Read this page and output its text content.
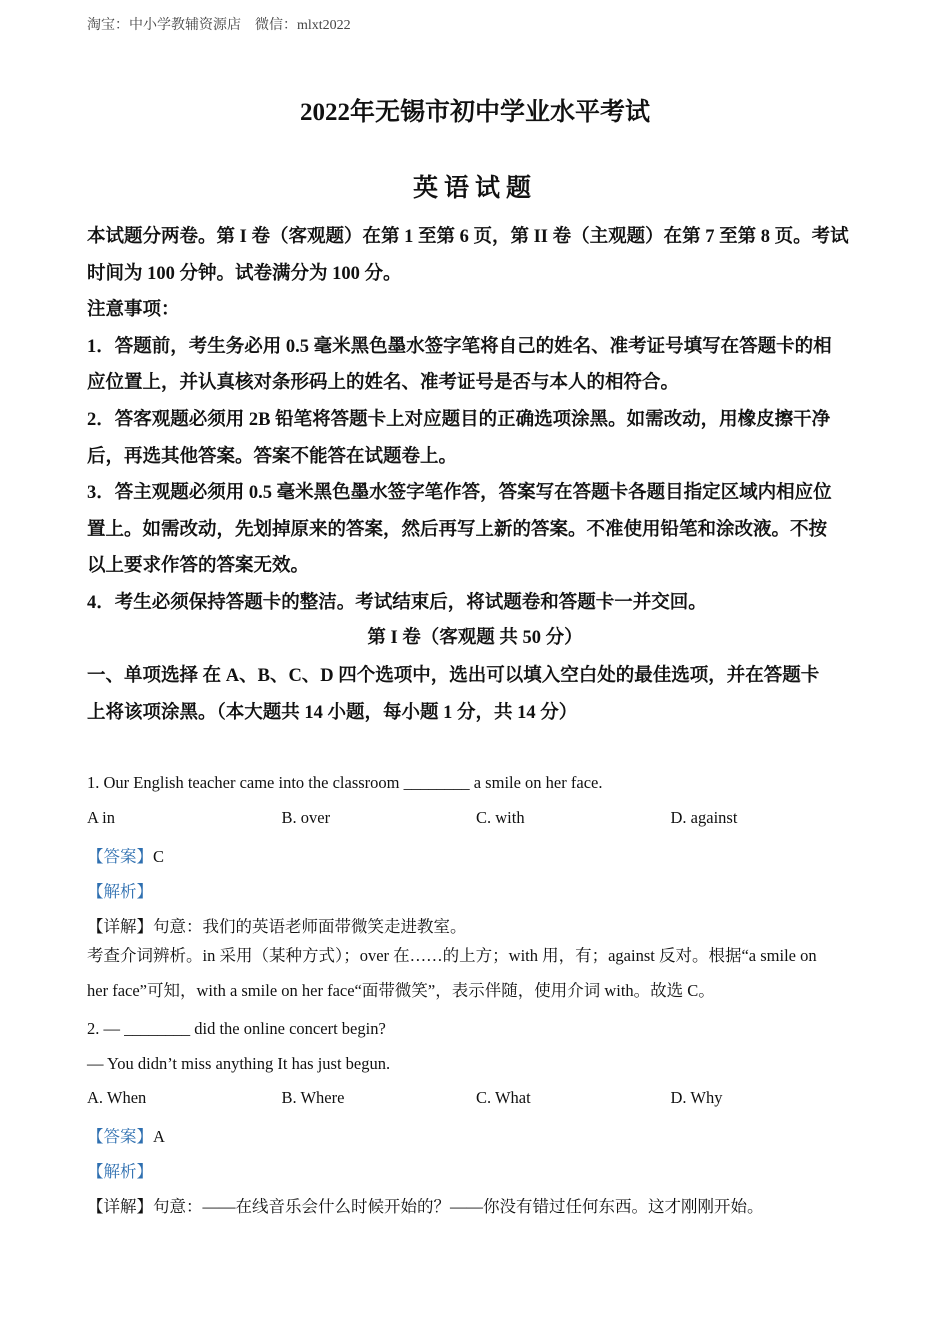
淘宝：中小学教辅资源店　微信：mlxt2022
2022年无锡市初中学业水平考试
英语试题
本试题分两卷。第 I 卷（客观题）在第 1 至第 6 页，第 II 卷（主观题）在第 7 至第 8 页。考试
时间为 100 分钟。试卷满分为 100 分。
注意事项：
1．答题前，考生务必用 0.5 毫米黑色墨水签字笔将自己的姓名、准考证号填写在答题卡的相
应位置上，并认真核对条形码上的姓名、准考证号是否与本人的相符合。
2．答客观题必须用 2B 铅笔将答题卡上对应题目的正确选项涂黑。如需改动，用橡皮擦干净
后，再选其他答案。答案不能答在试题卷上。
3．答主观题必须用 0.5 毫米黑色墨水签字笔作答，答案写在答题卡各题目指定区域内相应位
置上。如需改动，先划掉原来的答案，然后再写上新的答案。不准使用铅笔和涂改液。不按
以上要求作答的答案无效。
4．考生必须保持答题卡的整洁。考试结束后，将试题卷和答题卡一并交回。
第 I 卷（客观题 共 50 分）
一、单项选择 在 A、B、C、D 四个选项中，选出可以填入空白处的最佳选项，并在答题卡
上将该项涂黑。（本大题共 14 小题，每小题 1 分，共 14 分）
1. Our English teacher came into the classroom ________ a smile on her face.
A in	B. over	C. with	D. against
【答案】C
【解析】
【详解】句意：我们的英语老师面带微笑走进教室。
考查介词辨析。in 采用（某种方式）；over 在……的上方；with 用，有；against 反对。根据“a smile on
her face”可知，with a smile on her face“面带微笑”，表示伴随，使用介词 with。故选 C。
2. — ________ did the online concert begin?
— You didn’t miss anything It has just begun.
A. When	B. Where	C. What	D. Why
【答案】A
【解析】
【详解】句意：——在线音乐会什么时候开始的？——你没有错过任何东西。这才刚刚开始。
